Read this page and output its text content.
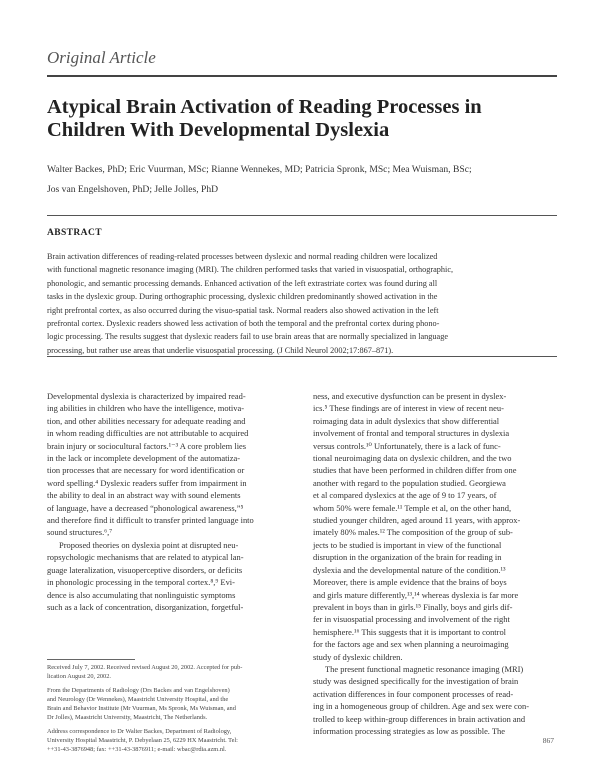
Original Article
Atypical Brain Activation of Reading Processes in
Children With Developmental Dyslexia
Walter Backes, PhD; Eric Vuurman, MSc; Rianne Wennekes, MD; Patricia Spronk, MSc; Mea Wuisman, BSc;
Jos van Engelshoven, PhD; Jelle Jolles, PhD
ABSTRACT
Brain activation differences of reading-related processes between dyslexic and normal reading children were localized
with functional magnetic resonance imaging (MRI). The children performed tasks that varied in visuospatial, orthographic,
phonologic, and semantic processing demands. Enhanced activation of the left extrastriate cortex was found during all
tasks in the dyslexic group. During orthographic processing, dyslexic children predominantly showed activation in the
right prefrontal cortex, as also occurred during the visuo-spatial task. Normal readers also showed activation in the left
prefrontal cortex. Dyslexic readers showed less activation of both the temporal and the prefrontal cortex during phono-
logic processing. The results suggest that dyslexic readers fail to use brain areas that are normally specialized in language
processing, but rather use areas that underlie visuospatial processing. (J Child Neurol 2002;17:867–871).
Developmental dyslexia is characterized by impaired read-
ing abilities in children who have the intelligence, motiva-
tion, and other abilities necessary for adequate reading and
in whom reading difficulties are not attributable to acquired
brain injury or sociocultural factors.¹⁻³ A core problem lies
in the lack or incomplete development of the automatiza-
tion processes that are necessary for word identification or
word spelling.⁴ Dyslexic readers suffer from impairment in
the ability to deal in an abstract way with sound elements
of language, have a decreased “phonological awareness,”⁵
and therefore find it difficult to transfer printed language into
sound structures.⁶,⁷
Proposed theories on dyslexia point at disrupted neu-
ropsychologic mechanisms that are related to atypical lan-
guage lateralization, visuoperceptive disorders, or deficits
in phonologic processing in the temporal cortex.⁸,⁹ Evi-
dence is also accumulating that nonlinguistic symptoms
such as a lack of concentration, disorganization, forgetful-
ness, and executive dysfunction can be present in dyslex-
ics.⁵ These findings are of interest in view of recent neu-
roimaging data in adult dyslexics that show differential
involvement of frontal and temporal structures in dyslexia
versus controls.¹⁰ Unfortunately, there is a lack of func-
tional neuroimaging data on dyslexic children, and the two
studies that have been performed in children differ from one
another with regard to the population studied. Georgiewa
et al compared dyslexics at the age of 9 to 17 years, of
whom 50% were female.¹¹ Temple et al, on the other hand,
studied younger children, aged around 11 years, with approx-
imately 80% males.¹² The composition of the group of sub-
jects to be studied is important in view of the functional
disruption in the organization of the brain for reading in
dyslexia and the developmental nature of the condition.¹³
Moreover, there is ample evidence that the brains of boys
and girls mature differently,¹³,¹⁴ whereas dyslexia is far more
prevalent in boys than in girls.¹⁵ Finally, boys and girls dif-
fer in visuospatial processing and involvement of the right
hemisphere.¹⁶ This suggests that it is important to control
for the factors age and sex when planning a neuroimaging
study of dyslexic children.
The present functional magnetic resonance imaging (MRI)
study was designed specifically for the investigation of brain
activation differences in four component processes of read-
ing in a homogeneous group of children. Age and sex were con-
trolled to keep within-group differences in brain activation and
information processing strategies as low as possible. The
Received July 7, 2002. Received revised August 20, 2002. Accepted for pub-
lication August 20, 2002.
From the Departments of Radiology (Drs Backes and van Engelshoven)
and Neurology (Dr Wennekes), Maastricht University Hospital, and the
Brain and Behavior Institute (Mr Vuurman, Ms Spronk, Ms Wuisman, and
Dr Jolles), Maastricht University, Maastricht, The Netherlands.
Address correspondence to Dr Walter Backes, Department of Radiology,
University Hospital Maastricht, P. Debyelaan 25, 6229 HX Maastricht. Tel:
++31-43-3876948; fax: ++31-43-3876911; e-mail: wbac@rdia.azm.nl.
867
